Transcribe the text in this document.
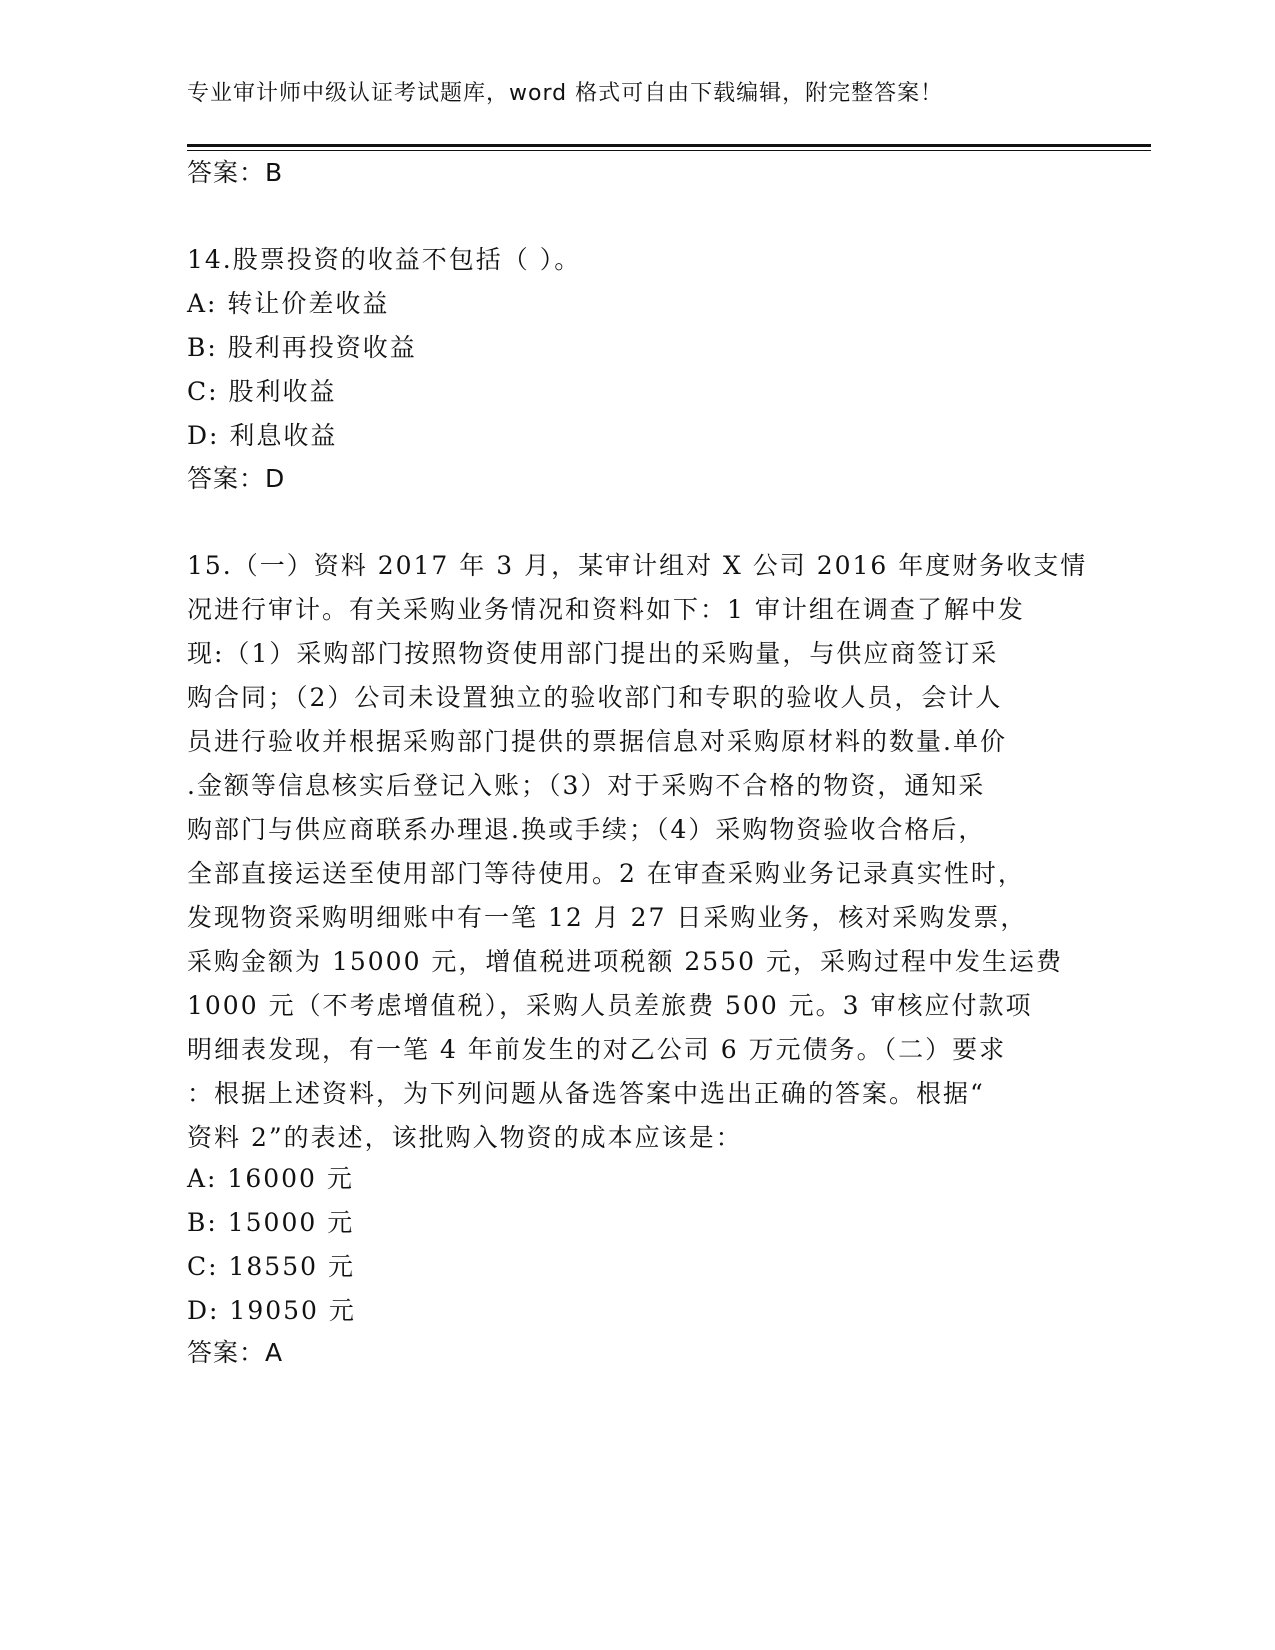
专业审计师中级认证考试题库，word 格式可自由下载编辑，附完整答案！
答案：B
14.股票投资的收益不包括（ ）。
A: 转让价差收益
B: 股利再投资收益
C: 股利收益
D: 利息收益
答案：D
15.（一）资料 2017 年 3 月，某审计组对 X 公司 2016 年度财务收支情
况进行审计。有关采购业务情况和资料如下：1 审计组在调查了解中发
现:（1）采购部门按照物资使用部门提出的采购量，与供应商签订采
购合同；（2）公司未设置独立的验收部门和专职的验收人员，会计人
员进行验收并根据采购部门提供的票据信息对采购原材料的数量.单价
.金额等信息核实后登记入账；（3）对于采购不合格的物资，通知采
购部门与供应商联系办理退.换或手续；（4）采购物资验收合格后，
全部直接运送至使用部门等待使用。2 在审查采购业务记录真实性时，
发现物资采购明细账中有一笔 12 月 27 日采购业务，核对采购发票，
采购金额为 15000 元，增值税进项税额 2550 元，采购过程中发生运费
1000 元（不考虑增值税），采购人员差旅费 500 元。3 审核应付款项
明细表发现，有一笔 4 年前发生的对乙公司 6 万元债务。（二）要求
：根据上述资料，为下列问题从备选答案中选出正确的答案。根据“
资料 2”的表述，该批购入物资的成本应该是：
A: 16000 元
B: 15000 元
C: 18550 元
D: 19050 元
答案：A
